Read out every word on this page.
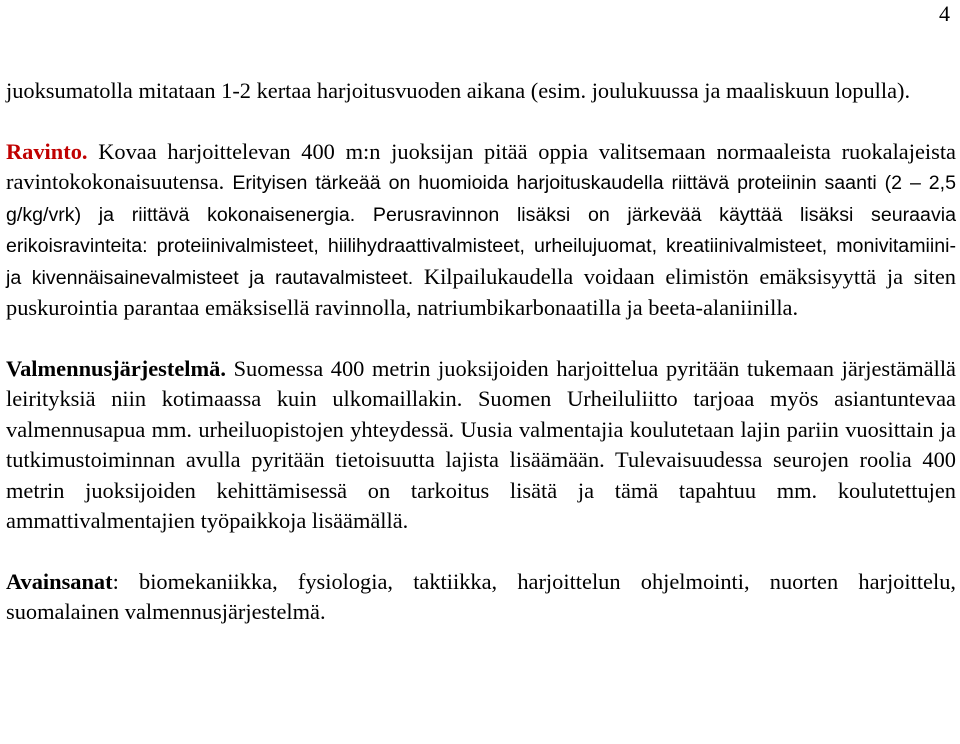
4

juoksumatolla mitataan 1-2 kertaa harjoitusvuoden aikana (esim. joulukuussa ja maaliskuun lopulla).

Ravinto. Kovaa harjoittelevan 400 m:n juoksijan pitää oppia valitsemaan normaaleista ruokalajeista ravintokokonaisuutensa. Erityisen tärkeää on huomioida harjoituskaudella riittävä proteiinin saanti (2 – 2,5 g/kg/vrk) ja riittävä kokonaisenergia. Perusravinnon lisäksi on järkevää käyttää lisäksi seuraavia erikoisravinteita: proteiinivalmisteet, hiilihydraattivalmisteet, urheilujuomat, kreatiinivalmisteet, monivitamiini- ja kivennäisainevalmisteet ja rautavalmisteet. Kilpailukaudella voidaan elimistön emäksisyyttä ja siten puskurointia parantaa emäksisellä ravinnolla, natriumbikarbonaatilla ja beeta-alaniinilla.

Valmennusjärjestelmä. Suomessa 400 metrin juoksijoiden harjoittelua pyritään tukemaan järjestämällä leirityksiä niin kotimaassa kuin ulkomaillakin. Suomen Urheiluliitto tarjoaa myös asiantuntevaa valmennusapua mm. urheiluopistojen yhteydessä. Uusia valmentajia koulutetaan lajin pariin vuosittain ja tutkimustoiminnan avulla pyritään tietoisuutta lajista lisäämään. Tulevaisuudessa seurojen roolia 400 metrin juoksijoiden kehittämisessä on tarkoitus lisätä ja tämä tapahtuu mm. koulutettujen ammattivalmentajien työpaikkoja lisäämällä.

Avainsanat: biomekaniikka, fysiologia, taktiikka, harjoittelun ohjelmointi, nuorten harjoittelu, suomalainen valmennusjärjestelmä.
